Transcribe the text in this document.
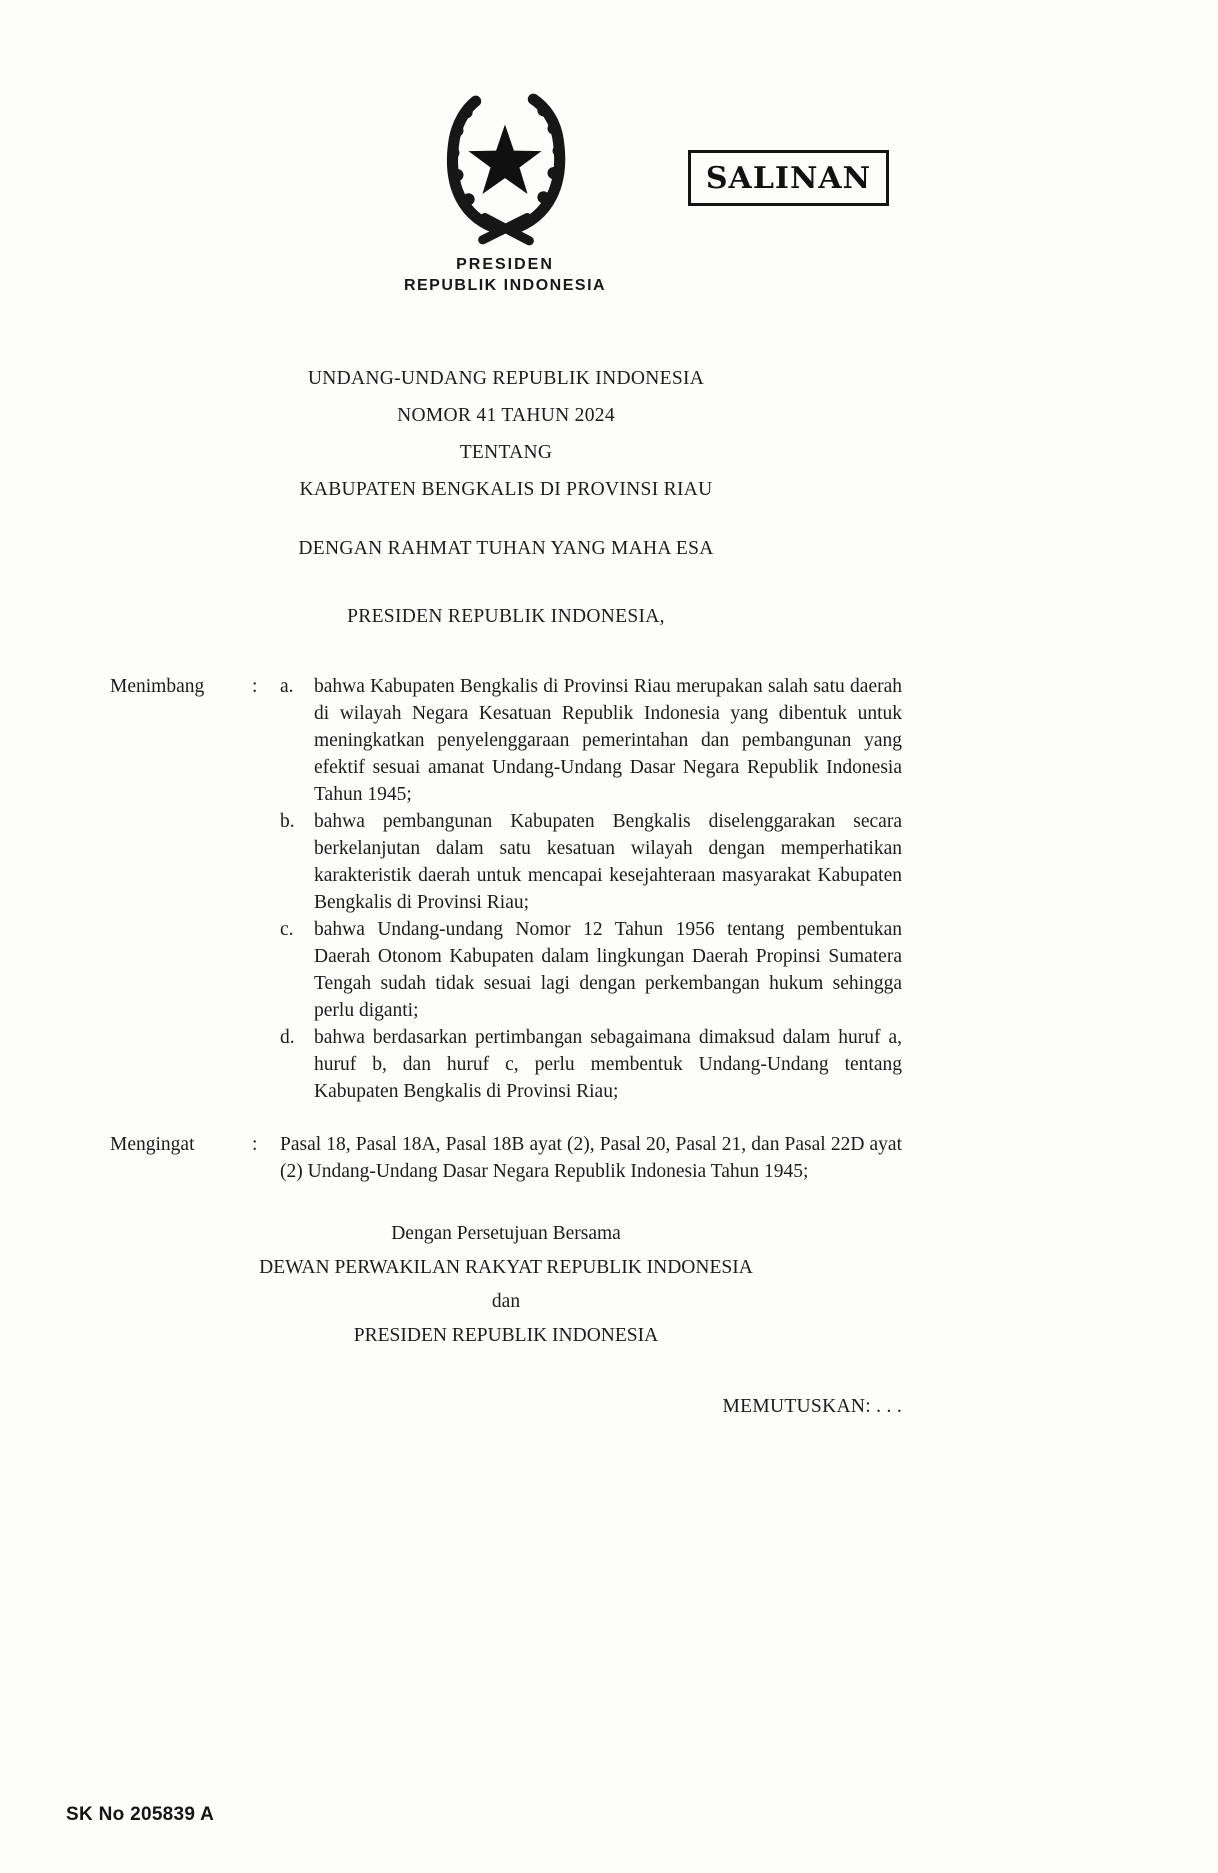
SALINAN
PRESIDEN
REPUBLIK INDONESIA
UNDANG-UNDANG REPUBLIK INDONESIA
NOMOR 41 TAHUN 2024
TENTANG
KABUPATEN BENGKALIS DI PROVINSI RIAU
DENGAN RAHMAT TUHAN YANG MAHA ESA
PRESIDEN REPUBLIK INDONESIA,
Menimbang	:	a.	bahwa Kabupaten Bengkalis di Provinsi Riau merupakan salah satu daerah di wilayah Negara Kesatuan Republik Indonesia yang dibentuk untuk meningkatkan penyelenggaraan pemerintahan dan pembangunan yang efektif sesuai amanat Undang-Undang Dasar Negara Republik Indonesia Tahun 1945;
b. bahwa pembangunan Kabupaten Bengkalis diselenggarakan secara berkelanjutan dalam satu kesatuan wilayah dengan memperhatikan karakteristik daerah untuk mencapai kesejahteraan masyarakat Kabupaten Bengkalis di Provinsi Riau;
c.	bahwa Undang-undang Nomor 12 Tahun 1956 tentang pembentukan Daerah Otonom Kabupaten dalam lingkungan Daerah Propinsi Sumatera Tengah sudah tidak sesuai lagi dengan perkembangan hukum sehingga perlu diganti;
d. bahwa berdasarkan pertimbangan sebagaimana dimaksud dalam huruf a, huruf b, dan huruf c, perlu membentuk Undang-Undang tentang Kabupaten Bengkalis di Provinsi Riau;
Mengingat	:	Pasal 18, Pasal 18A, Pasal 18B ayat (2), Pasal 20, Pasal 21, dan Pasal 22D ayat (2) Undang-Undang Dasar Negara Republik Indonesia Tahun 1945;
Dengan Persetujuan Bersama
DEWAN PERWAKILAN RAKYAT REPUBLIK INDONESIA
dan
PRESIDEN REPUBLIK INDONESIA
MEMUTUSKAN: . . .
SK No 205839 A
